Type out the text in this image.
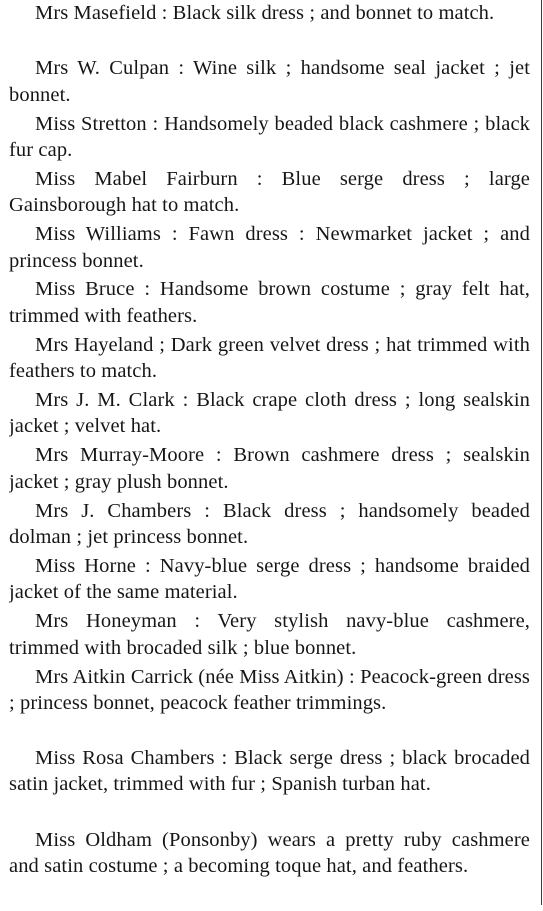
Mrs Masefield : Black silk dress ; and bonnet to match.

Mrs W. Culpan : Wine silk ; handsome seal jacket ; jet bonnet.

Miss Stretton : Handsomely beaded black cashmere ; black fur cap.

Miss Mabel Fairburn : Blue serge dress ; large Gainsborough hat to match.

Miss Williams : Fawn dress : Newmarket jacket ; and princess bonnet.

Miss Bruce : Handsome brown costume ; gray felt hat, trimmed with feathers.

Mrs Hayeland ; Dark green velvet dress ; hat trimmed with feathers to match.

Mrs J. M. Clark : Black crape cloth dress ; long sealskin jacket ; velvet hat.

Mrs Murray-Moore : Brown cashmere dress ; sealskin jacket ; gray plush bonnet.

Mrs J. Chambers : Black dress ; handsomely beaded dolman ; jet princess bonnet.

Miss Horne : Navy-blue serge dress ; handsome braided jacket of the same material.

Mrs Honeyman : Very stylish navy-blue cashmere, trimmed with brocaded silk ; blue bonnet.

Mrs Aitkin Carrick (née Miss Aitkin) : Peacock-green dress ; princess bonnet, peacock feather trimmings.

Miss Rosa Chambers : Black serge dress ; black brocaded satin jacket, trimmed with fur ; Spanish turban hat.

Miss Oldham (Ponsonby) wears a pretty ruby cashmere and satin costume ; a becoming toque hat, and feathers.
